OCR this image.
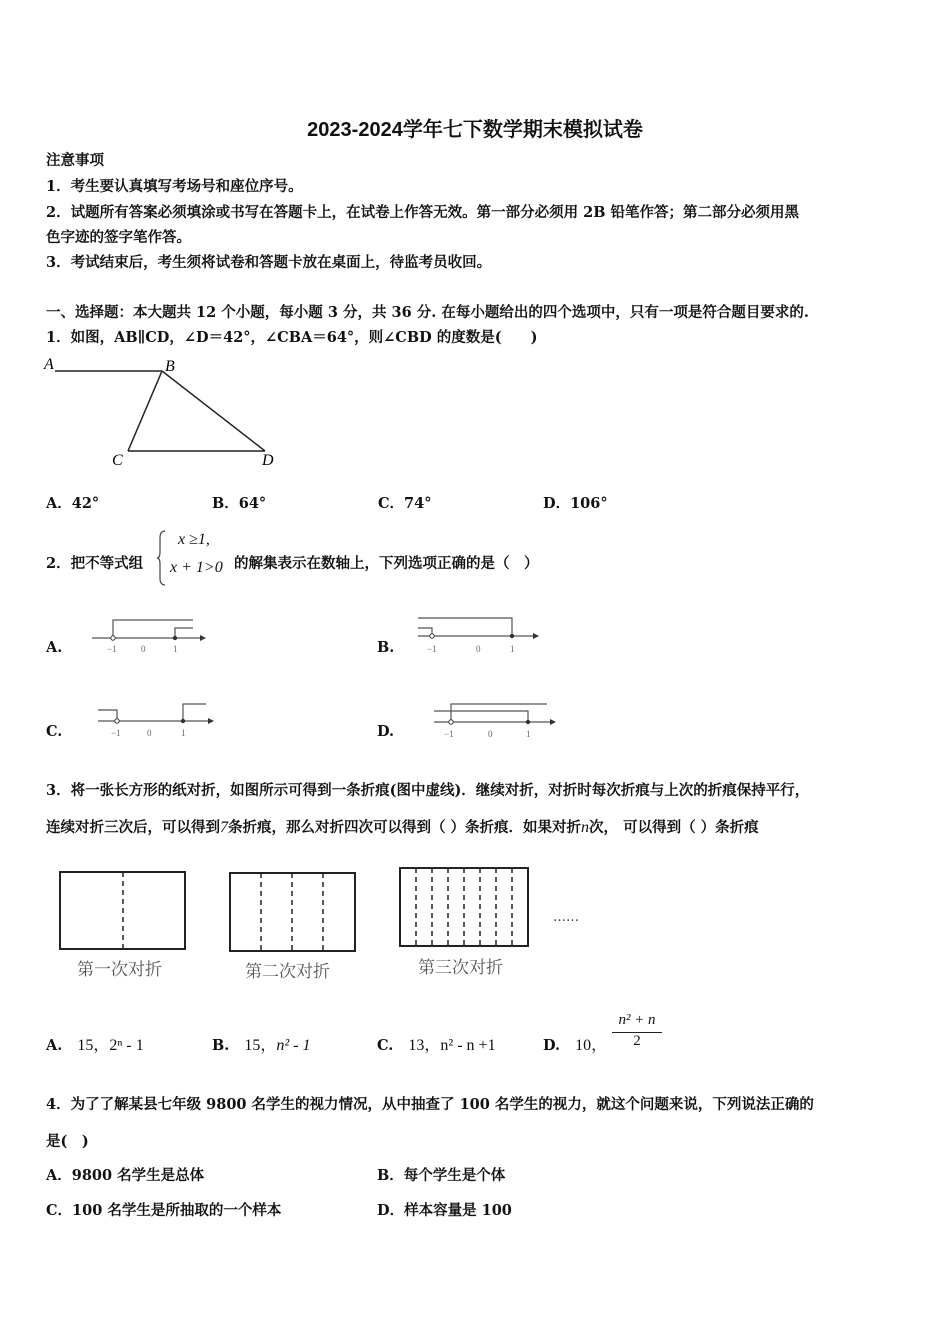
2023-2024学年七下数学期末模拟试卷
注意事项
1．考生要认真填写考场号和座位序号。
2．试题所有答案必须填涂或书写在答题卡上，在试卷上作答无效。第一部分必须用 2B 铅笔作答；第二部分必须用黑
色字迹的签字笔作答。
3．考试结束后，考生须将试卷和答题卡放在桌面上，待监考员收回。
一、选择题：本大题共 12 个小题，每小题 3 分，共 36 分. 在每小题给出的四个选项中，只有一项是符合题目要求的.
1．如图，AB∥CD，∠D＝42°，∠CBA＝64°，则∠CBD 的度数是(　　)
A	B
C	D
A．42°	B．64°	C．74°	D．106°
2．把不等式组
x ≥1,
x + 1>0 的解集表示在数轴上，下列选项正确的是（　）
A.	B.
C.	D.
−1	0	1	−1	0	1
−1	0	1	−1	0	1
3．将一张长方形的纸对折，如图所示可得到一条折痕(图中虚线)．继续对折，对折时每次折痕与上次的折痕保持平行，
连续对折三次后，可以得到7条折痕，那么对折四次可以得到（ ）条折痕．如果对折n次， 可以得到（ ）条折痕
第一次对折	第二次对折	第三次对折
……
A. 15，2ⁿ - 1	B. 15，n² - 1	C. 13，n² - n +1	D. 10， $\frac{\text{n² + n}}{2}$
4．为了了解某县七年级 9800 名学生的视力情况，从中抽查了 100 名学生的视力，就这个问题来说，下列说法正确的
是(　)
A．9800 名学生是总体	B．每个学生是个体
C．100 名学生是所抽取的一个样本	D．样本容量是 100
